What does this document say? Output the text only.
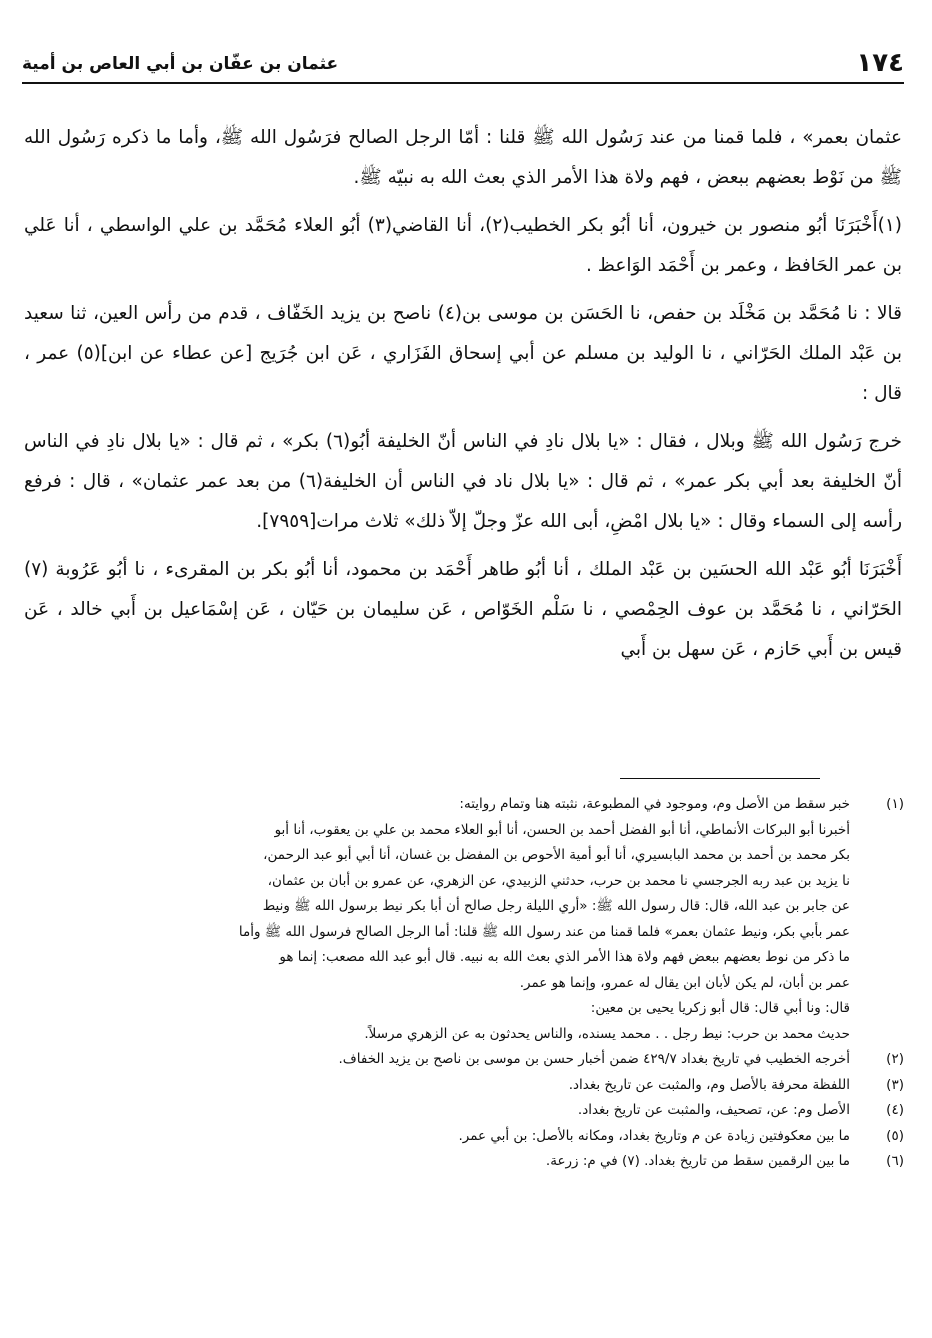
١٧٤
عثمان بن عفّان بن أبي العاص بن أمية

عثمان بعمر» ، فلما قمنا من عند رَسُول الله ﷺ قلنا : أمّا الرجل الصالح فرَسُول الله ﷺ، وأما ما ذكره رَسُول الله ﷺ من نَوْط بعضهم ببعض ، فهم ولاة هذا الأمر الذي بعث الله به نبيّه ﷺ.

(١)أَخْبَرَنَا أبُو منصور بن خيرون، أنا أبُو بكر الخطيب(٢)، أنا القاضي(٣) أبُو العلاء مُحَمَّد بن علي الواسطي ، أنا عَلي بن عمر الحَافظ ، وعمر بن أَحْمَد الوَاعظ .

قالا : نا مُحَمَّد بن مَخْلَد بن حفص، نا الحَسَن بن موسى بن(٤) ناصح بن يزيد الخَفّاف ، قدم من رأس العين، ثنا سعيد بن عَبْد الملك الحَرّاني ، نا الوليد بن مسلم عن أبي إسحاق الفَزَاري ، عَن ابن جُرَيج [عن عطاء عن ابن](٥) عمر ، قال :

خرج رَسُول الله ﷺ وبلال ، فقال : «يا بلال نادِ في الناس أنّ الخليفة أبُو(٦) بكر» ، ثم قال : «يا بلال نادِ في الناس أنّ الخليفة بعد أبي بكر عمر» ، ثم قال : «يا بلال ناد في الناس أن الخليفة(٦) من بعد عمر عثمان» ، قال : فرفع رأسه إلى السماء وقال : «يا بلال امْضِ، أبى الله عزّ وجلّ إلاّ ذلك» ثلاث مرات[٧٩٥٩].

أَخْبَرَنَا أبُو عَبْد الله الحسَين بن عَبْد الملك ، أنا أبُو طاهر أَحْمَد بن محمود، أنا أبُو بكر بن المقرىء ، نا أبُو عَرُوبة (٧) الحَرّاني ، نا مُحَمَّد بن عوف الحِمْصي ، نا سَلْم الخَوّاص ، عَن سليمان بن حَيّان ، عَن إسْمَاعيل بن أَبي خالد ، عَن قيس بن أَبي حَازم ، عَن سهل بن أَبي

(١)
خبر سقط من الأصل وم، وموجود في المطبوعة، نثبته هنا وتمام روايته:
أخبرنا أبو البركات الأنماطي، أنا أبو الفضل أحمد بن الحسن، أنا أبو العلاء محمد بن علي بن يعقوب، أنا أبو
بكر محمد بن أحمد بن محمد البابسيري، أنا أبو أمية الأحوص بن المفضل بن غسان، أنا أبي أبو عبد الرحمن،
نا يزيد بن عبد ربه الجرجسي نا محمد بن حرب، حدثني الزبيدي، عن الزهري، عن عمرو بن أبان بن عثمان،
عن جابر بن عبد الله، قال: قال رسول الله ﷺ: «أري الليلة رجل صالح أن أبا بكر نيط برسول الله ﷺ ونيط
عمر بأبي بكر، ونيط عثمان بعمر» فلما قمنا من عند رسول الله ﷺ قلنا: أما الرجل الصالح فرسول الله ﷺ وأما
ما ذكر من نوط بعضهم ببعض فهم ولاة هذا الأمر الذي بعث الله به نبيه. قال أبو عبد الله مصعب: إنما هو
عمر بن أبان، لم يكن لأبان ابن يقال له عمرو، وإنما هو عمر.
قال: ونا أبي قال: قال أبو زكريا يحيى بن معين:
حديث محمد بن حرب: نيط رجل . . محمد يسنده، والناس يحدثون به عن الزهري مرسلاً.
(٢)
أخرجه الخطيب في تاريخ بغداد ٤٢٩/٧ ضمن أخبار حسن بن موسى بن ناصح بن يزيد الخفاف.
(٣)
اللفظة محرفة بالأصل وم، والمثبت عن تاريخ بغداد.
(٤)
الأصل وم: عن، تصحيف، والمثبت عن تاريخ بغداد.
(٥)
ما بين معكوفتين زيادة عن م وتاريخ بغداد، ومكانه بالأصل: بن أبي عمر.
(٦)
ما بين الرقمين سقط من تاريخ بغداد. (٧) في م: زرعة.
